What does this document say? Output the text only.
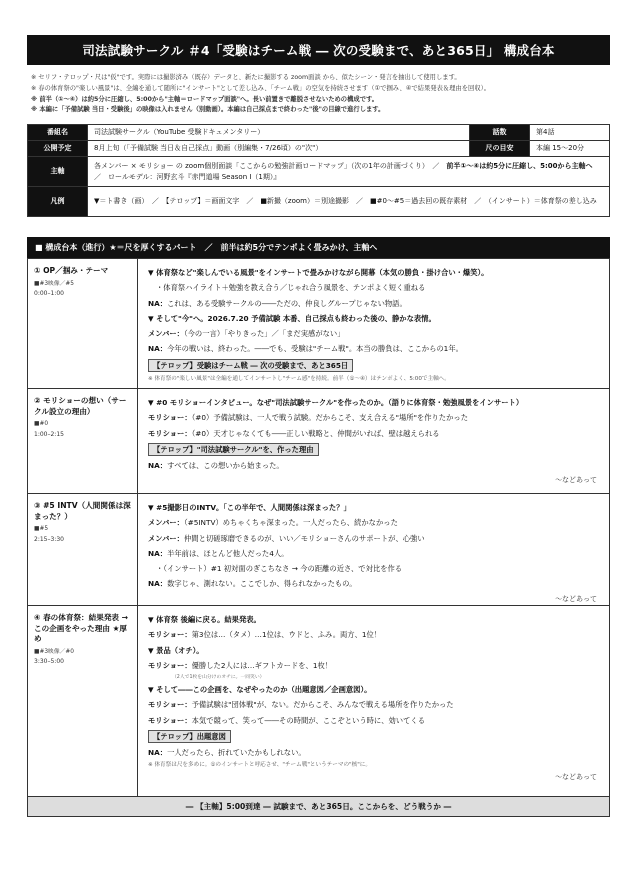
司法試験サークル ＃4「受験はチーム戦 ― 次の受験まで、あと365日」 構成台本
※ セリフ・テロップ・尺は"仮"です。実際には撮影済み（既存）データと、新たに撮影する zoom面談 から、似たシーン・発言を抽出して使用します。
※ 春の体育祭の"楽しい風景"は、全編を通して随所に"インサート"として差し込み、「チーム戦」の空気を持続させます（①で掴み、④で結果発表＆理由を回収）。
※ 前半（①〜④）は約5分に圧縮し、5:00から"主軸＝ロードマップ面談"へ。長い前置きで離脱させないための構成です。
※ 本編に「予備試験 当日・受験後」の映像は入れません（別動画）。本編は自己採点まで終わった"後"の目線で進行します。
番組名	司法試験サークル（YouTube 受験ドキュメンタリー）	話数	第4話
公開予定	8月上旬（「予備試験 当日＆自己採点」動画（別編集・7/26頃）の"次"）	尺の目安	本編 15〜20分
主軸	各メンバー × モリショー の zoom個別面談「ここからの勉強計画ロードマップ」（次の1年の計画づくり）　／　前半①〜④は約5分に圧縮し、5:00から主軸へ　／　ロールモデル：河野玄斗『赤門道場 Season Ⅰ（1期）』		
凡例	▼＝ト書き（画）　／　【テロップ】＝画面文字　／　■新撮（zoom）＝別途撮影　／　■#0〜#5＝過去回の既存素材　／　（インサート）＝体育祭の差し込み		
■ 構成台本（進行）★＝尺を厚くするパート　／　前半は約5分でテンポよく畳みかけ、主軸へ
① OP／掴み・テーマ
■#3映像／#5
0:00–1:00
▼ 体育祭など"楽しんでいる風景"をインサートで畳みかけながら開幕（本気の勝負・掛け合い・爆笑）。
・体育祭ハイライト＋勉強を教え合う／じゃれ合う風景を、テンポよく短く重ねる
NA：これは、ある受験サークルの――ただの、仲良しグループじゃない物語。
▼ そして"今"へ。2026.7.20 予備試験 本番、自己採点も終わった後の、静かな表情。
メンバー：（今の一言）「やりきった」／「まだ実感がない」
NA：今年の戦いは、終わった。――でも、受験は"チーム戦"。本当の勝負は、ここからの1年。
【テロップ】受験はチーム戦 ― 次の受験まで、あと365日
※ 体育祭の"楽しい風景"は全編を通してインサートし"チーム感"を持続。前半（①〜④）はテンポよく、5:00で主軸へ。
② モリショーの想い（サークル設立の理由）
■#0
1:00–2:15
▼ #0 モリショーインタビュー。なぜ"司法試験サークル"を作ったのか。（語りに体育祭・勉強風景をインサート）
モリショー：（#0）予備試験は、一人で戦う試験。だからこそ、支え合える"場所"を作りたかった
モリショー：（#0）天才じゃなくても――正しい戦略と、仲間がいれば、壁は越えられる
【テロップ】"司法試験サークル"を、作った理由
NA：すべては、この想いから始まった。
〜などあって
③ #5 INTV（人間関係は深まった？）
■#5
2:15–3:30
▼ #5撮影日のINTV。「この半年で、人間関係は深まった？」
メンバー：（#5INTV）めちゃくちゃ深まった。一人だったら、続かなかった
メンバー：仲間と切磋琢磨できるのが、いい／モリショーさんのサポートが、心強い
NA：半年前は、ほとんど他人だった4人。
・（インサート）#1 初対面のぎこちなさ → 今の距離の近さ、で対比を作る
NA：数字じゃ、測れない。ここでしか、得られなかったもの。
〜などあって
④ 春の体育祭：結果発表 → この企画をやった理由 ★厚め
■#3映像／#0
3:30–5:00
▼ 体育祭 後編に戻る。結果発表。
モリショー：第3位は…（タメ）…1位は、ウドと、ふみ。両方、1位！
▼ 景品（オチ）。
モリショー：優勝した2人には…ギフトカードを、1枚！
（2人で1枚を山分けのオチに。一同笑い）
▼ そして――この企画を、なぜやったのか（出題意図／企画意図）。
モリショー：予備試験は"団体戦"が、ない。だからこそ、みんなで戦える場所を作りたかった
モリショー：本気で競って、笑って――その時間が、ここぞという時に、効いてくる
【テロップ】出題意図
NA：一人だったら、折れていたかもしれない。
※ 体育祭は尺を多めに。①のインサートと呼応させ、"チーム戦"というテーマの"核"に。
〜などあって
― 【主軸】5:00到達 ― 試験まで、あと365日。ここからを、どう戦うか ―
